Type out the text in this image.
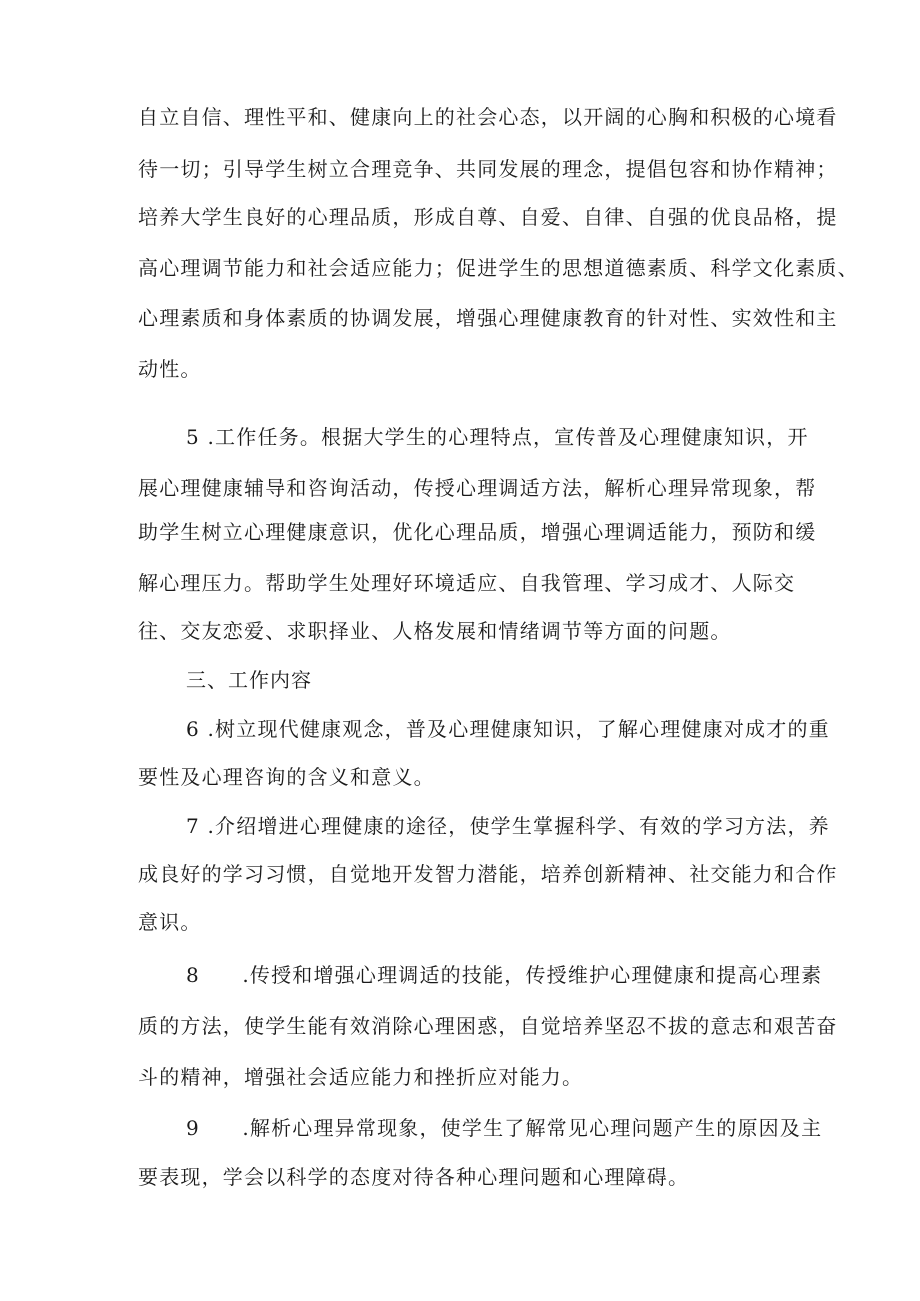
自立自信、理性平和、健康向上的社会心态，以开阔的心胸和积极的心境看
待一切；引导学生树立合理竞争、共同发展的理念，提倡包容和协作精神；
培养大学生良好的心理品质，形成自尊、自爱、自律、自强的优良品格，提
高心理调节能力和社会适应能力；促进学生的思想道德素质、科学文化素质、
心理素质和身体素质的协调发展，增强心理健康教育的针对性、实效性和主
动性。
5 .工作任务。根据大学生的心理特点，宣传普及心理健康知识，开
展心理健康辅导和咨询活动，传授心理调适方法，解析心理异常现象，帮
助学生树立心理健康意识，优化心理品质，增强心理调适能力，预防和缓
解心理压力。帮助学生处理好环境适应、自我管理、学习成才、人际交
往、交友恋爱、求职择业、人格发展和情绪调节等方面的问题。
三、工作内容
6 .树立现代健康观念，普及心理健康知识，了解心理健康对成才的重
要性及心理咨询的含义和意义。
7 .介绍增进心理健康的途径，使学生掌握科学、有效的学习方法，养
成良好的学习习惯，自觉地开发智力潜能，培养创新精神、社交能力和合作
意识。
8　　.传授和增强心理调适的技能，传授维护心理健康和提高心理素
质的方法，使学生能有效消除心理困惑，自觉培养坚忍不拔的意志和艰苦奋
斗的精神，增强社会适应能力和挫折应对能力。
9　　.解析心理异常现象，使学生了解常见心理问题产生的原因及主
要表现，学会以科学的态度对待各种心理问题和心理障碍。
